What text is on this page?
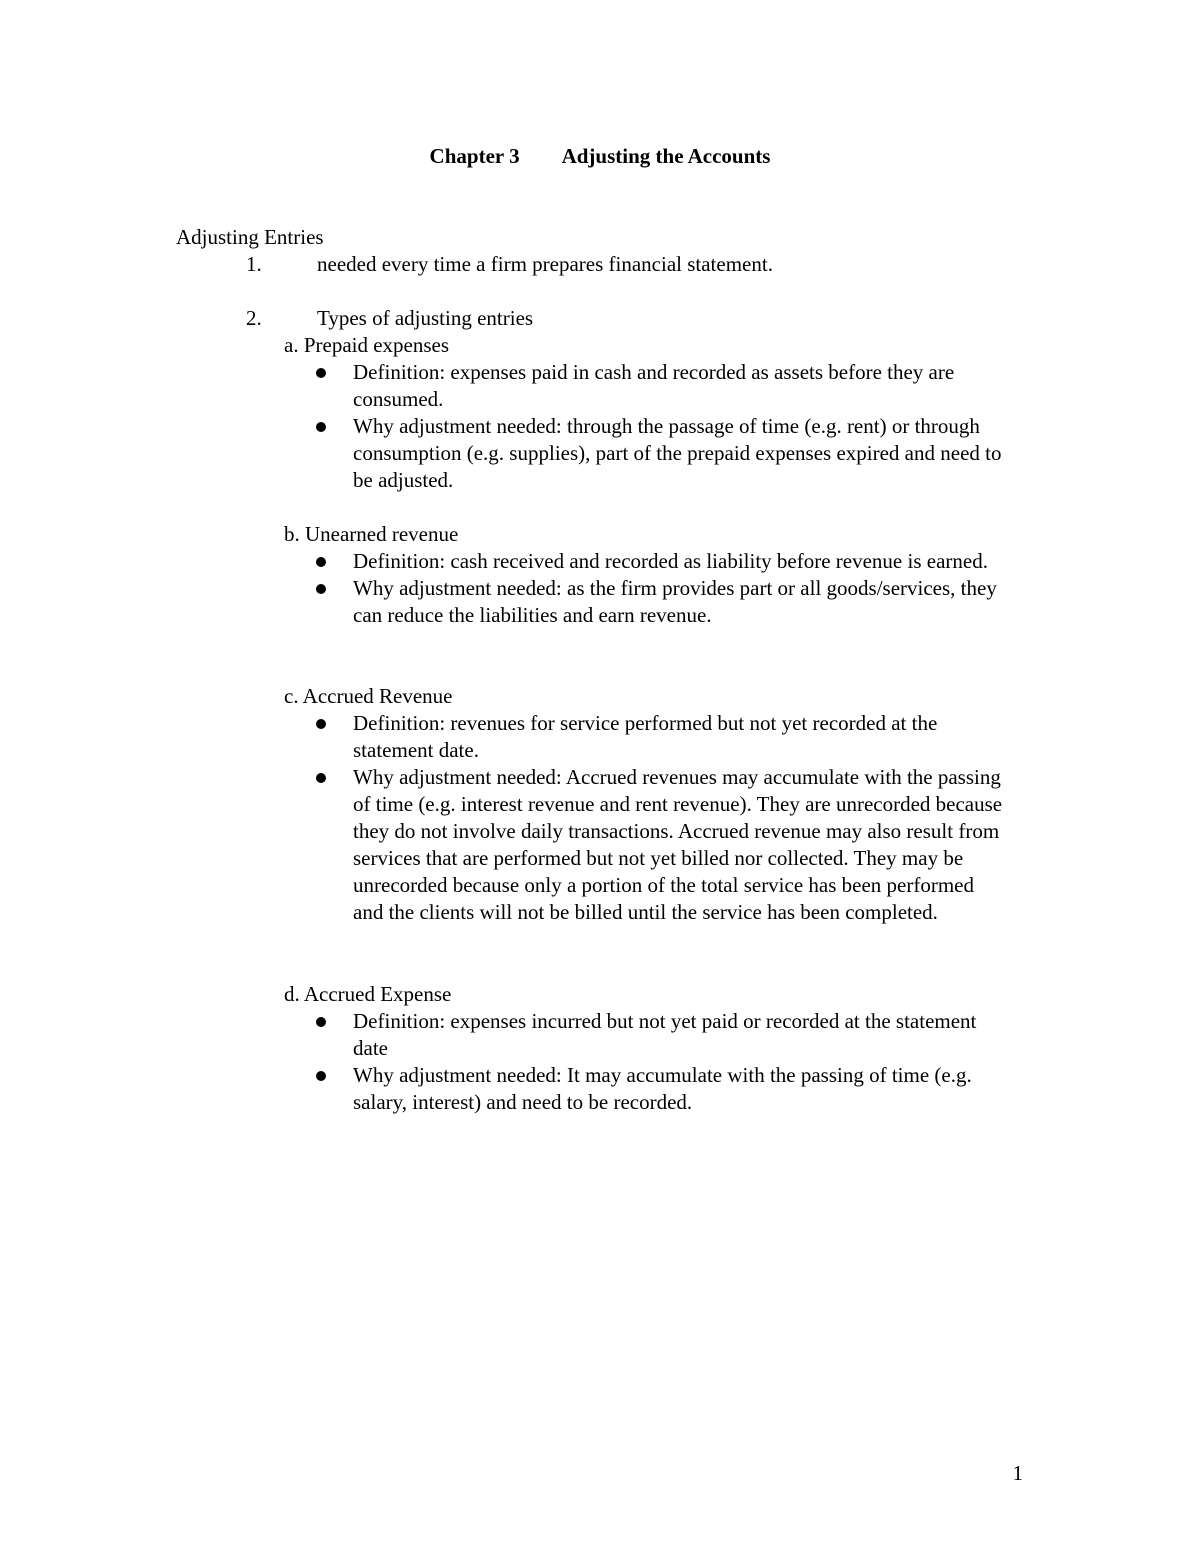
Chapter 3 Adjusting the Accounts
Adjusting Entries
1.	needed every time a firm prepares financial statement.
2.	Types of adjusting entries
a. Prepaid expenses
Definition: expenses paid in cash and recorded as assets before they are consumed.
Why adjustment needed: through the passage of time (e.g. rent) or through consumption (e.g. supplies), part of the prepaid expenses expired and need to be adjusted.
b. Unearned revenue
Definition: cash received and recorded as liability before revenue is earned.
Why adjustment needed: as the firm provides part or all goods/services, they can reduce the liabilities and earn revenue.
c. Accrued Revenue
Definition: revenues for service performed but not yet recorded at the statement date.
Why adjustment needed: Accrued revenues may accumulate with the passing of time (e.g. interest revenue and rent revenue). They are unrecorded because they do not involve daily transactions. Accrued revenue may also result from services that are performed but not yet billed nor collected. They may be unrecorded because only a portion of the total service has been performed and the clients will not be billed until the service has been completed.
d. Accrued Expense
Definition: expenses incurred but not yet paid or recorded at the statement date
Why adjustment needed: It may accumulate with the passing of time (e.g. salary, interest) and need to be recorded.
1
